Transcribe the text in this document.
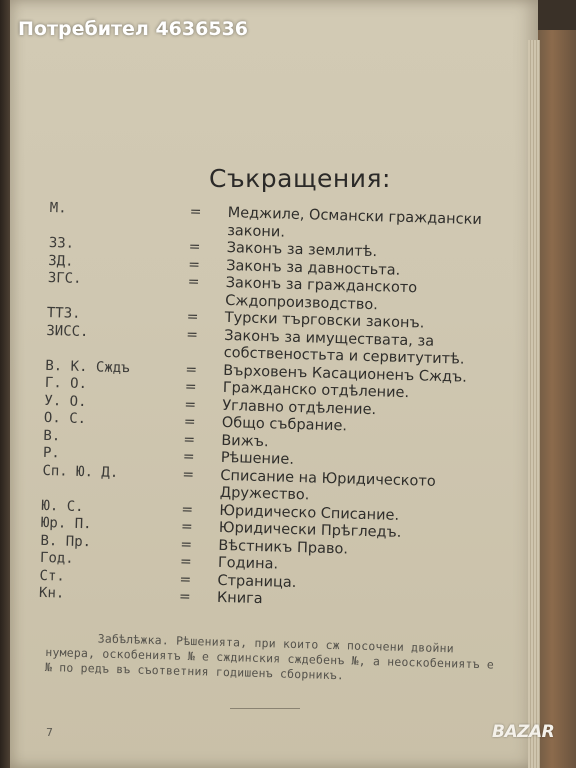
Потребител 4636536
Съкращения:
М.	= Меджиле, Османски граждански закони.
ЗЗ.	= Законъ за землитѣ.
ЗД.	= Законъ за давностьта.
ЗГС.	= Законъ за гражданското Сждопроизводство.
ТТЗ.	= Турски търговски законъ.
ЗИСС.	= Законъ за имуществата, за собственостьта и сервитутитѣ.
В. К. Сждъ	= Върховенъ Касационенъ Сждъ.
Г. О.	= Гражданско отдѣление.
У. О.	= Углавно отдѣление.
О. С.	= Общо събрание.
В.	= Вижъ.
Р.	= Рѣшение.
Сп. Ю. Д.	= Списание на Юридическото Дружество.
Ю. С.	= Юридическо Списание.
Юр. П.	= Юридически Прѣгледъ.
В. Пр.	= Вѣстникъ Право.
Год.	= Година.
Ст.	= Страница.
Кн.	= Книга
Забѣлѣжка. Рѣшенията, при които сж посочени двойни нумера, оскобениятъ № е сждинския сждебенъ №, а неоскобениятъ е № по редъ въ съответния годишенъ сборникъ.
7	BAZAR
